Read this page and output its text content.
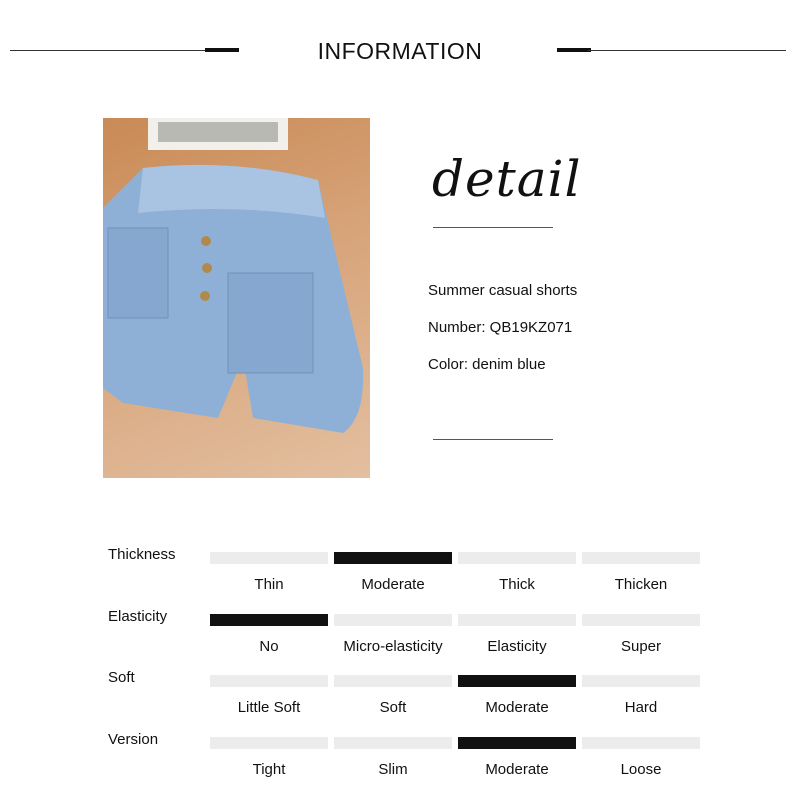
INFORMATION
detail
Summer casual shorts
Number: QB19KZ071
Color: denim blue
Thickness
Thin	Moderate	Thick	Thicken
Elasticity
No	Micro-elasticity	Elasticity	Super
Soft
Little Soft	Soft	Moderate	Hard
Version
Tight	Slim	Moderate	Loose
